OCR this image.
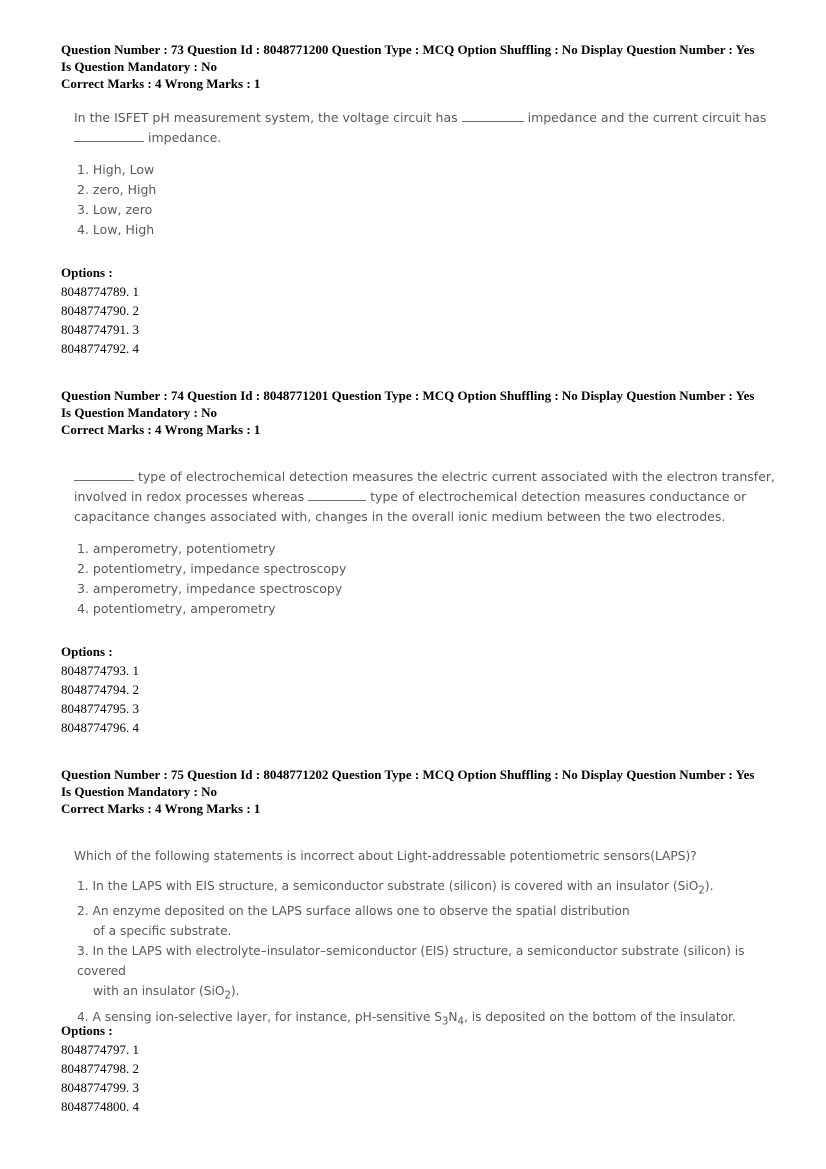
Question Number : 73 Question Id : 8048771200 Question Type : MCQ Option Shuffling : No Display Question Number : Yes

Is Question Mandatory : No

Correct Marks : 4 Wrong Marks : 1

In the ISFET pH measurement system, the voltage circuit has	impedance and the current circuit has

impedance.

1. High, Low
2. zero, High
3. Low, zero
4. Low, High

Options :

8048774789. 1

8048774790. 2

8048774791. 3

8048774792. 4

Question Number : 74 Question Id : 8048771201 Question Type : MCQ Option Shuffling : No Display Question Number : Yes

Is Question Mandatory : No

Correct Marks : 4 Wrong Marks : 1

type of electrochemical detection measures the electric current associated with the electron transfer,

involved in redox processes whereas	type of electrochemical detection measures conductance or

capacitance changes associated with, changes in the overall ionic medium between the two electrodes.

1. amperometry, potentiometry
2. potentiometry, impedance spectroscopy
3. amperometry, impedance spectroscopy
4. potentiometry, amperometry

Options :

8048774793. 1

8048774794. 2

8048774795. 3

8048774796. 4

Question Number : 75 Question Id : 8048771202 Question Type : MCQ Option Shuffling : No Display Question Number : Yes

Is Question Mandatory : No

Correct Marks : 4 Wrong Marks : 1

Which of the following statements is incorrect about Light-addressable potentiometric sensors(LAPS)?

1. In the LAPS with EIS structure, a semiconductor substrate (silicon) is covered with an insulator (SiO$_2$).
2. An enzyme deposited on the LAPS surface allows one to observe the spatial distribution
of a specific substrate.
3. In the LAPS with electrolyte–insulator–semiconductor (EIS) structure, a semiconductor substrate (silicon) is covered
with an insulator (SiO$_2$).
4. A sensing ion-selective layer, for instance, pH-sensitive $S_3N_4$, is deposited on the bottom of the insulator.

Options :

8048774797. 1

8048774798. 2

8048774799. 3

8048774800. 4
